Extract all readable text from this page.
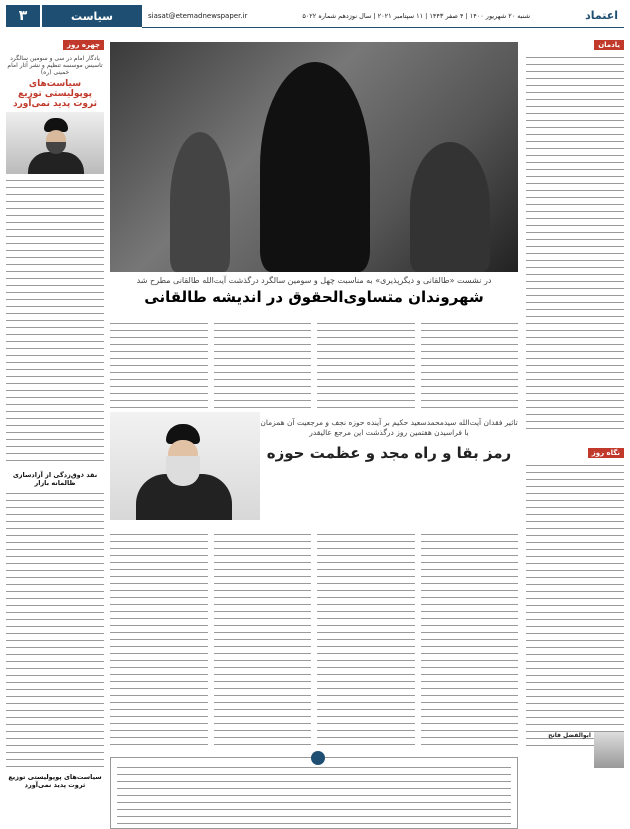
۳	سیاست	اعتماد
شنبه ۲۰ شهریور ۱۴۰۰ | ۴ صفر ۱۴۴۳ | ۱۱ سپتامبر ۲۰۲۱ | سال نوزدهم شماره ۵۰۲۲
siasat@etemadnewspaper.ir
یادمان
نگاه روز
در نشست «طالقانی و دیگرپذیری» به مناسبت چهل و سومین سالگرد درگذشت آیت‌الله طالقانی مطرح شد
شهروندان متساوی‌الحقوق در اندیشه طالقانی
چهره روز
یادگار امام در سی و سومین سالگرد تاسیس موسسه تنظیم و نشر آثار امام خمینی (ره)
سیاست‌های پوپولیستی توزیع ثروت پدید نمی‌آورد
نقد ذوق‌زدگی از آزادسازی ظالمانه بازار
سیاست‌های پوپولیستی توزیع ثروت پدید نمی‌آورد
تاثیر فقدان آیت‌الله سید‌محمدسعید حکیم بر آینده حوزه نجف و مرجعیت آن همزمان با فراسیدن هفتمین روز درگذشت این مرجع عالیقدر
رمز بقا و راه مجد و عظمت حوزه
ابوالفضل فاتح
